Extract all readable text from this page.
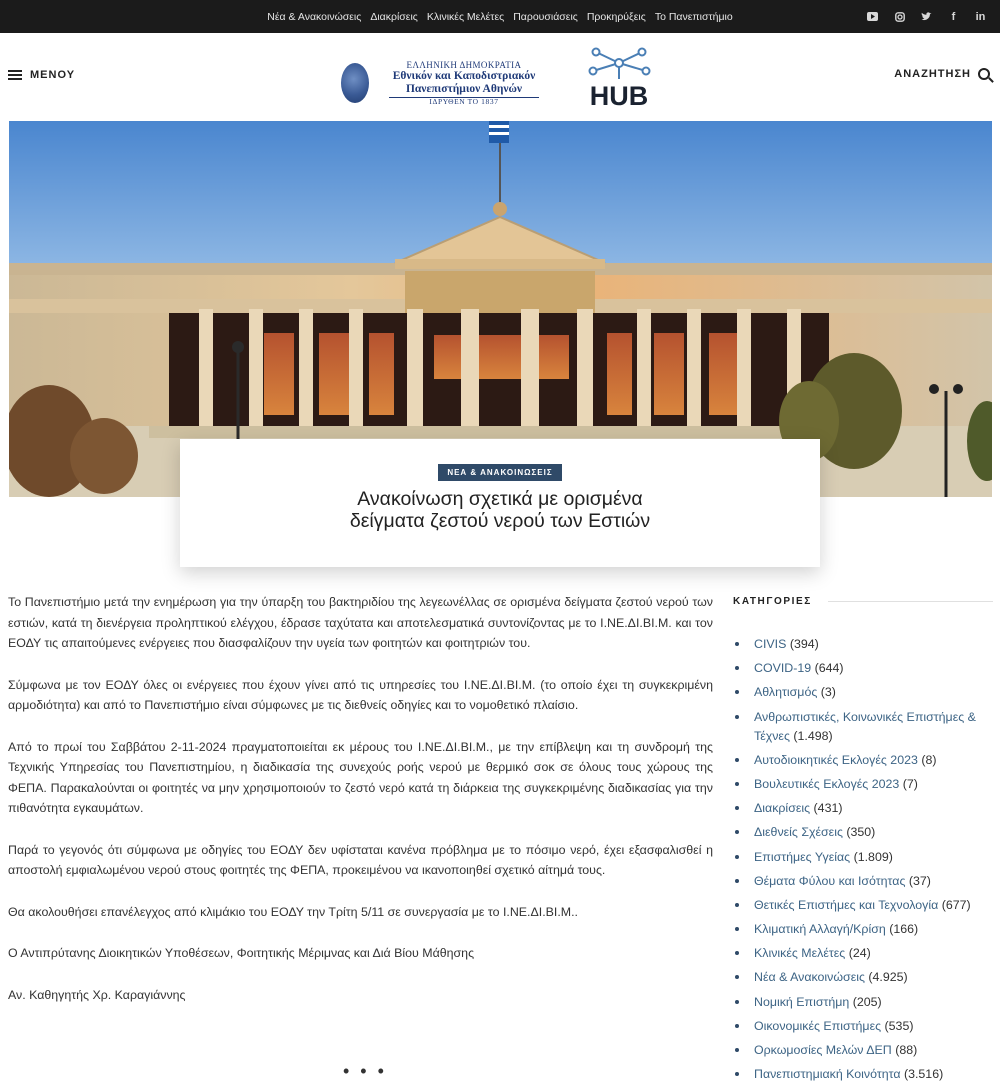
Νέα & Ανακοινώσεις Διακρίσεις Κλινικές Μελέτες Παρουσιάσεις Προκηρύξεις Το Πανεπιστήμιο	f	in
ΜΕΝΟΥ
ΕΛΛΗΝΙΚΗ ΔΗΜΟΚΡΑΤΙΑ
Εθνικόν και Καποδιστριακόν
Πανεπιστήμιον Αθηνών
ΙΔΡΥΘΕΝ ΤΟ 1837	HUB
ΑΝΑΖΗΤΗΣΗ
ΝΕΑ & ΑΝΑΚΟΙΝΩΣΕΙΣ
Ανακοίνωση σχετικά με ορισμένα
δείγματα ζεστού νερού των Εστιών

Το Πανεπιστήμιο μετά την ενημέρωση για την ύπαρξη του βακτηριδίου της λεγεωνέλλας σε ορισμένα δείγματα ζεστού νερού των εστιών, κατά τη διενέργεια προληπτικού ελέγχου, έδρασε ταχύτατα και αποτελεσματικά συντονίζοντας με το Ι.ΝΕ.ΔΙ.ΒΙ.Μ. και τον ΕΟΔΥ τις απαιτούμενες ενέργειες που διασφαλίζουν την υγεία των φοιτητών και φοιτητριών του.

Σύμφωνα με τον ΕΟΔΥ όλες οι ενέργειες που έχουν γίνει από τις υπηρεσίες του Ι.ΝΕ.ΔΙ.ΒΙ.Μ. (το οποίο έχει τη συγκεκριμένη αρμοδιότητα) και από το Πανεπιστήμιο είναι σύμφωνες με τις διεθνείς οδηγίες και το νομοθετικό πλαίσιο.

Από το πρωί του Σαββάτου 2-11-2024 πραγματοποιείται εκ μέρους του Ι.ΝΕ.ΔΙ.ΒΙ.Μ., με την επίβλεψη και τη συνδρομή της Τεχνικής Υπηρεσίας του Πανεπιστημίου, η διαδικασία της συνεχούς ροής νερού με θερμικό σοκ σε όλους τους χώρους της ΦΕΠΑ. Παρακαλούνται οι φοιτητές να μην χρησιμοποιούν το ζεστό νερό κατά τη διάρκεια της συγκεκριμένης διαδικασίας για την πιθανότητα εγκαυμάτων.

Παρά το γεγονός ότι σύμφωνα με οδηγίες του ΕΟΔΥ δεν υφίσταται κανένα πρόβλημα με το πόσιμο νερό, έχει εξασφαλισθεί η αποστολή εμφιαλωμένου νερού στους φοιτητές της ΦΕΠΑ, προκειμένου να ικανοποιηθεί σχετικό αίτημά τους.

Θα ακολουθήσει επανέλεγχος από κλιμάκιο του ΕΟΔΥ την Τρίτη 5/11 σε συνεργασία με το Ι.ΝΕ.ΔΙ.ΒΙ.Μ..

Ο Αντιπρύτανης Διοικητικών Υποθέσεων, Φοιτητικής Μέριμνας και Διά Βίου Μάθησης

Αν. Καθηγητής Χρ. Καραγιάννης

• • •
ΚΑΤΗΓΟΡΙΕΣ
CIVIS (394)
COVID-19 (644)
Αθλητισμός (3)
Ανθρωπιστικές, Κοινωνικές Επιστήμες & Τέχνες (1.498)
Αυτοδιοικητικές Εκλογές 2023 (8)
Βουλευτικές Εκλογές 2023 (7)
Διακρίσεις (431)
Διεθνείς Σχέσεις (350)
Επιστήμες Υγείας (1.809)
Θέματα Φύλου και Ισότητας (37)
Θετικές Επιστήμες και Τεχνολογία (677)
Κλιματική Αλλαγή/Κρίση (166)
Κλινικές Μελέτες (24)
Νέα & Ανακοινώσεις (4.925)
Νομική Επιστήμη (205)
Οικονομικές Επιστήμες (535)
Ορκωμοσίες Μελών ΔΕΠ (88)
Πανεπιστημιακή Κοινότητα (3.516)
